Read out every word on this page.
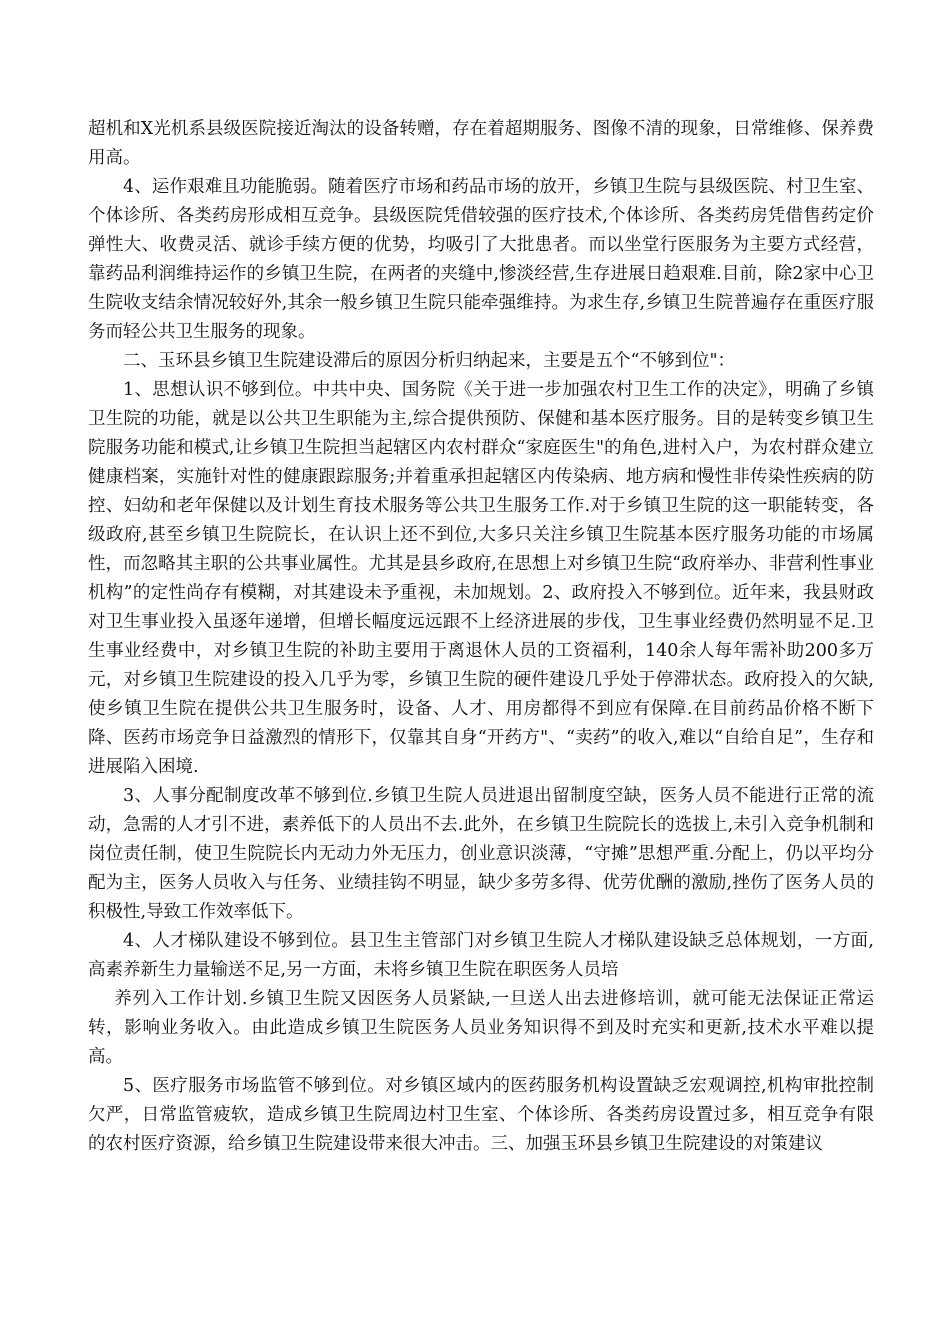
超机和X光机系县级医院接近淘汰的设备转赠，存在着超期服务、图像不清的现象，日常维修、保养费用高。

4、运作艰难且功能脆弱。随着医疗市场和药品市场的放开，乡镇卫生院与县级医院、村卫生室、个体诊所、各类药房形成相互竞争。县级医院凭借较强的医疗技术,个体诊所、各类药房凭借售药定价弹性大、收费灵活、就诊手续方便的优势，均吸引了大批患者。而以坐堂行医服务为主要方式经营，靠药品利润维持运作的乡镇卫生院，在两者的夹缝中,惨淡经营,生存进展日趋艰难.目前，除2家中心卫生院收支结余情况较好外,其余一般乡镇卫生院只能牵强维持。为求生存,乡镇卫生院普遍存在重医疗服务而轻公共卫生服务的现象。

二、玉环县乡镇卫生院建设滞后的原因分析归纳起来，主要是五个“不够到位"：

1、思想认识不够到位。中共中央、国务院《关于进一步加强农村卫生工作的决定》，明确了乡镇卫生院的功能，就是以公共卫生职能为主,综合提供预防、保健和基本医疗服务。目的是转变乡镇卫生院服务功能和模式,让乡镇卫生院担当起辖区内农村群众“家庭医生"的角色,进村入户，为农村群众建立健康档案，实施针对性的健康跟踪服务;并着重承担起辖区内传染病、地方病和慢性非传染性疾病的防控、妇幼和老年保健以及计划生育技术服务等公共卫生服务工作.对于乡镇卫生院的这一职能转变，各级政府,甚至乡镇卫生院院长，在认识上还不到位,大多只关注乡镇卫生院基本医疗服务功能的市场属性，而忽略其主职的公共事业属性。尤其是县乡政府,在思想上对乡镇卫生院“政府举办、非营利性事业机构”的定性尚存有模糊，对其建设未予重视，未加规划。2、政府投入不够到位。近年来，我县财政对卫生事业投入虽逐年递增，但增长幅度远远跟不上经济进展的步伐，卫生事业经费仍然明显不足.卫生事业经费中，对乡镇卫生院的补助主要用于离退休人员的工资福利，140余人每年需补助200多万元，对乡镇卫生院建设的投入几乎为零，乡镇卫生院的硬件建设几乎处于停滞状态。政府投入的欠缺,使乡镇卫生院在提供公共卫生服务时，设备、人才、用房都得不到应有保障.在目前药品价格不断下降、医药市场竞争日益激烈的情形下，仅靠其自身“开药方"、“卖药”的收入,难以“自给自足”，生存和进展陷入困境.

3、人事分配制度改革不够到位.乡镇卫生院人员进退出留制度空缺，医务人员不能进行正常的流动，急需的人才引不进，素养低下的人员出不去.此外，在乡镇卫生院院长的选拔上,未引入竞争机制和岗位责任制，使卫生院院长内无动力外无压力，创业意识淡薄，“守摊”思想严重.分配上，仍以平均分配为主，医务人员收入与任务、业绩挂钩不明显，缺少多劳多得、优劳优酬的激励,挫伤了医务人员的积极性,导致工作效率低下。

4、人才梯队建设不够到位。县卫生主管部门对乡镇卫生院人才梯队建设缺乏总体规划，一方面,高素养新生力量输送不足,另一方面，未将乡镇卫生院在职医务人员培

养列入工作计划.乡镇卫生院又因医务人员紧缺,一旦送人出去进修培训，就可能无法保证正常运转，影响业务收入。由此造成乡镇卫生院医务人员业务知识得不到及时充实和更新,技术水平难以提高。

5、医疗服务市场监管不够到位。对乡镇区域内的医药服务机构设置缺乏宏观调控,机构审批控制欠严，日常监管疲软，造成乡镇卫生院周边村卫生室、个体诊所、各类药房设置过多，相互竞争有限的农村医疗资源，给乡镇卫生院建设带来很大冲击。三、加强玉环县乡镇卫生院建设的对策建议
